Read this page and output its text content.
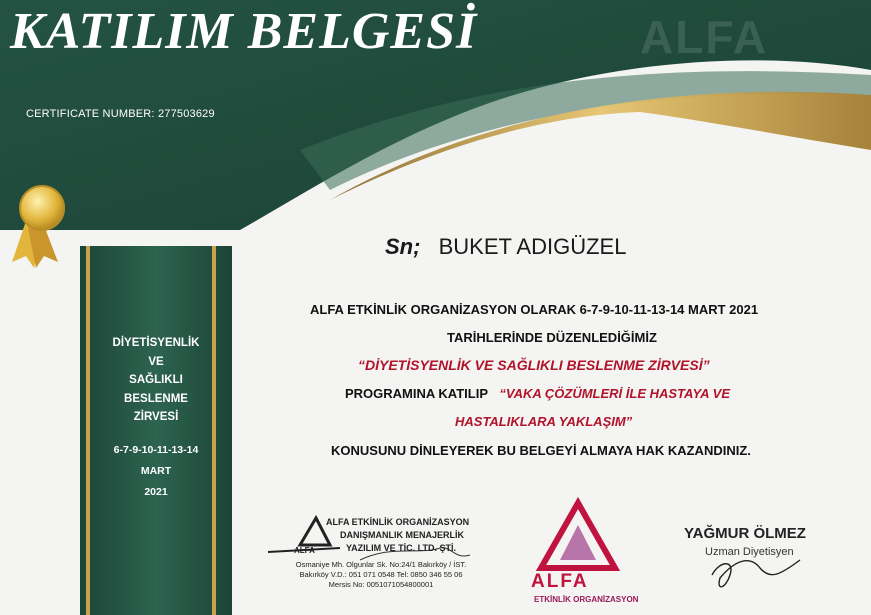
KATILIM BELGESİ	ALFA
CERTIFICATE NUMBER: 277503629
DİYETİSYENLİK
VE
SAĞLIKLI
BESLENME
ZİRVESİ
6-7-9-10-11-13-14
MART
2021
Sn; BUKET ADIGÜZEL
ALFA ETKİNLİK ORGANİZASYON OLARAK 6-7-9-10-11-13-14 MART 2021
TARİHLERİNDE DÜZENLEDİĞİMİZ
“DİYETİSYENLİK VE SAĞLIKLI BESLENME ZİRVESİ”
PROGRAMINA KATILIP “VAKA ÇÖZÜMLERİ İLE HASTAYA VE
HASTALIKLARA YAKLAŞIM”
KONUSUNU DİNLEYEREK BU BELGEYİ ALMAYA HAK KAZANDINIZ.
ALFA ETKİNLİK ORGANİZASYON
DANIŞMANLIK MENAJERLİK
YAZILIM VE TİC. LTD. ŞTİ.
ALFA
Osmaniye Mh. Olgunlar Sk. No:24/1 Bakırköy / İST.
Bakırköy V.D.: 051 071 0548 Tel: 0850 346 55 06
Mersis No: 0051071054800001	ALFA
ETKİNLİK ORGANİZASYON
YAĞMUR ÖLMEZ
Uzman Diyetisyen
